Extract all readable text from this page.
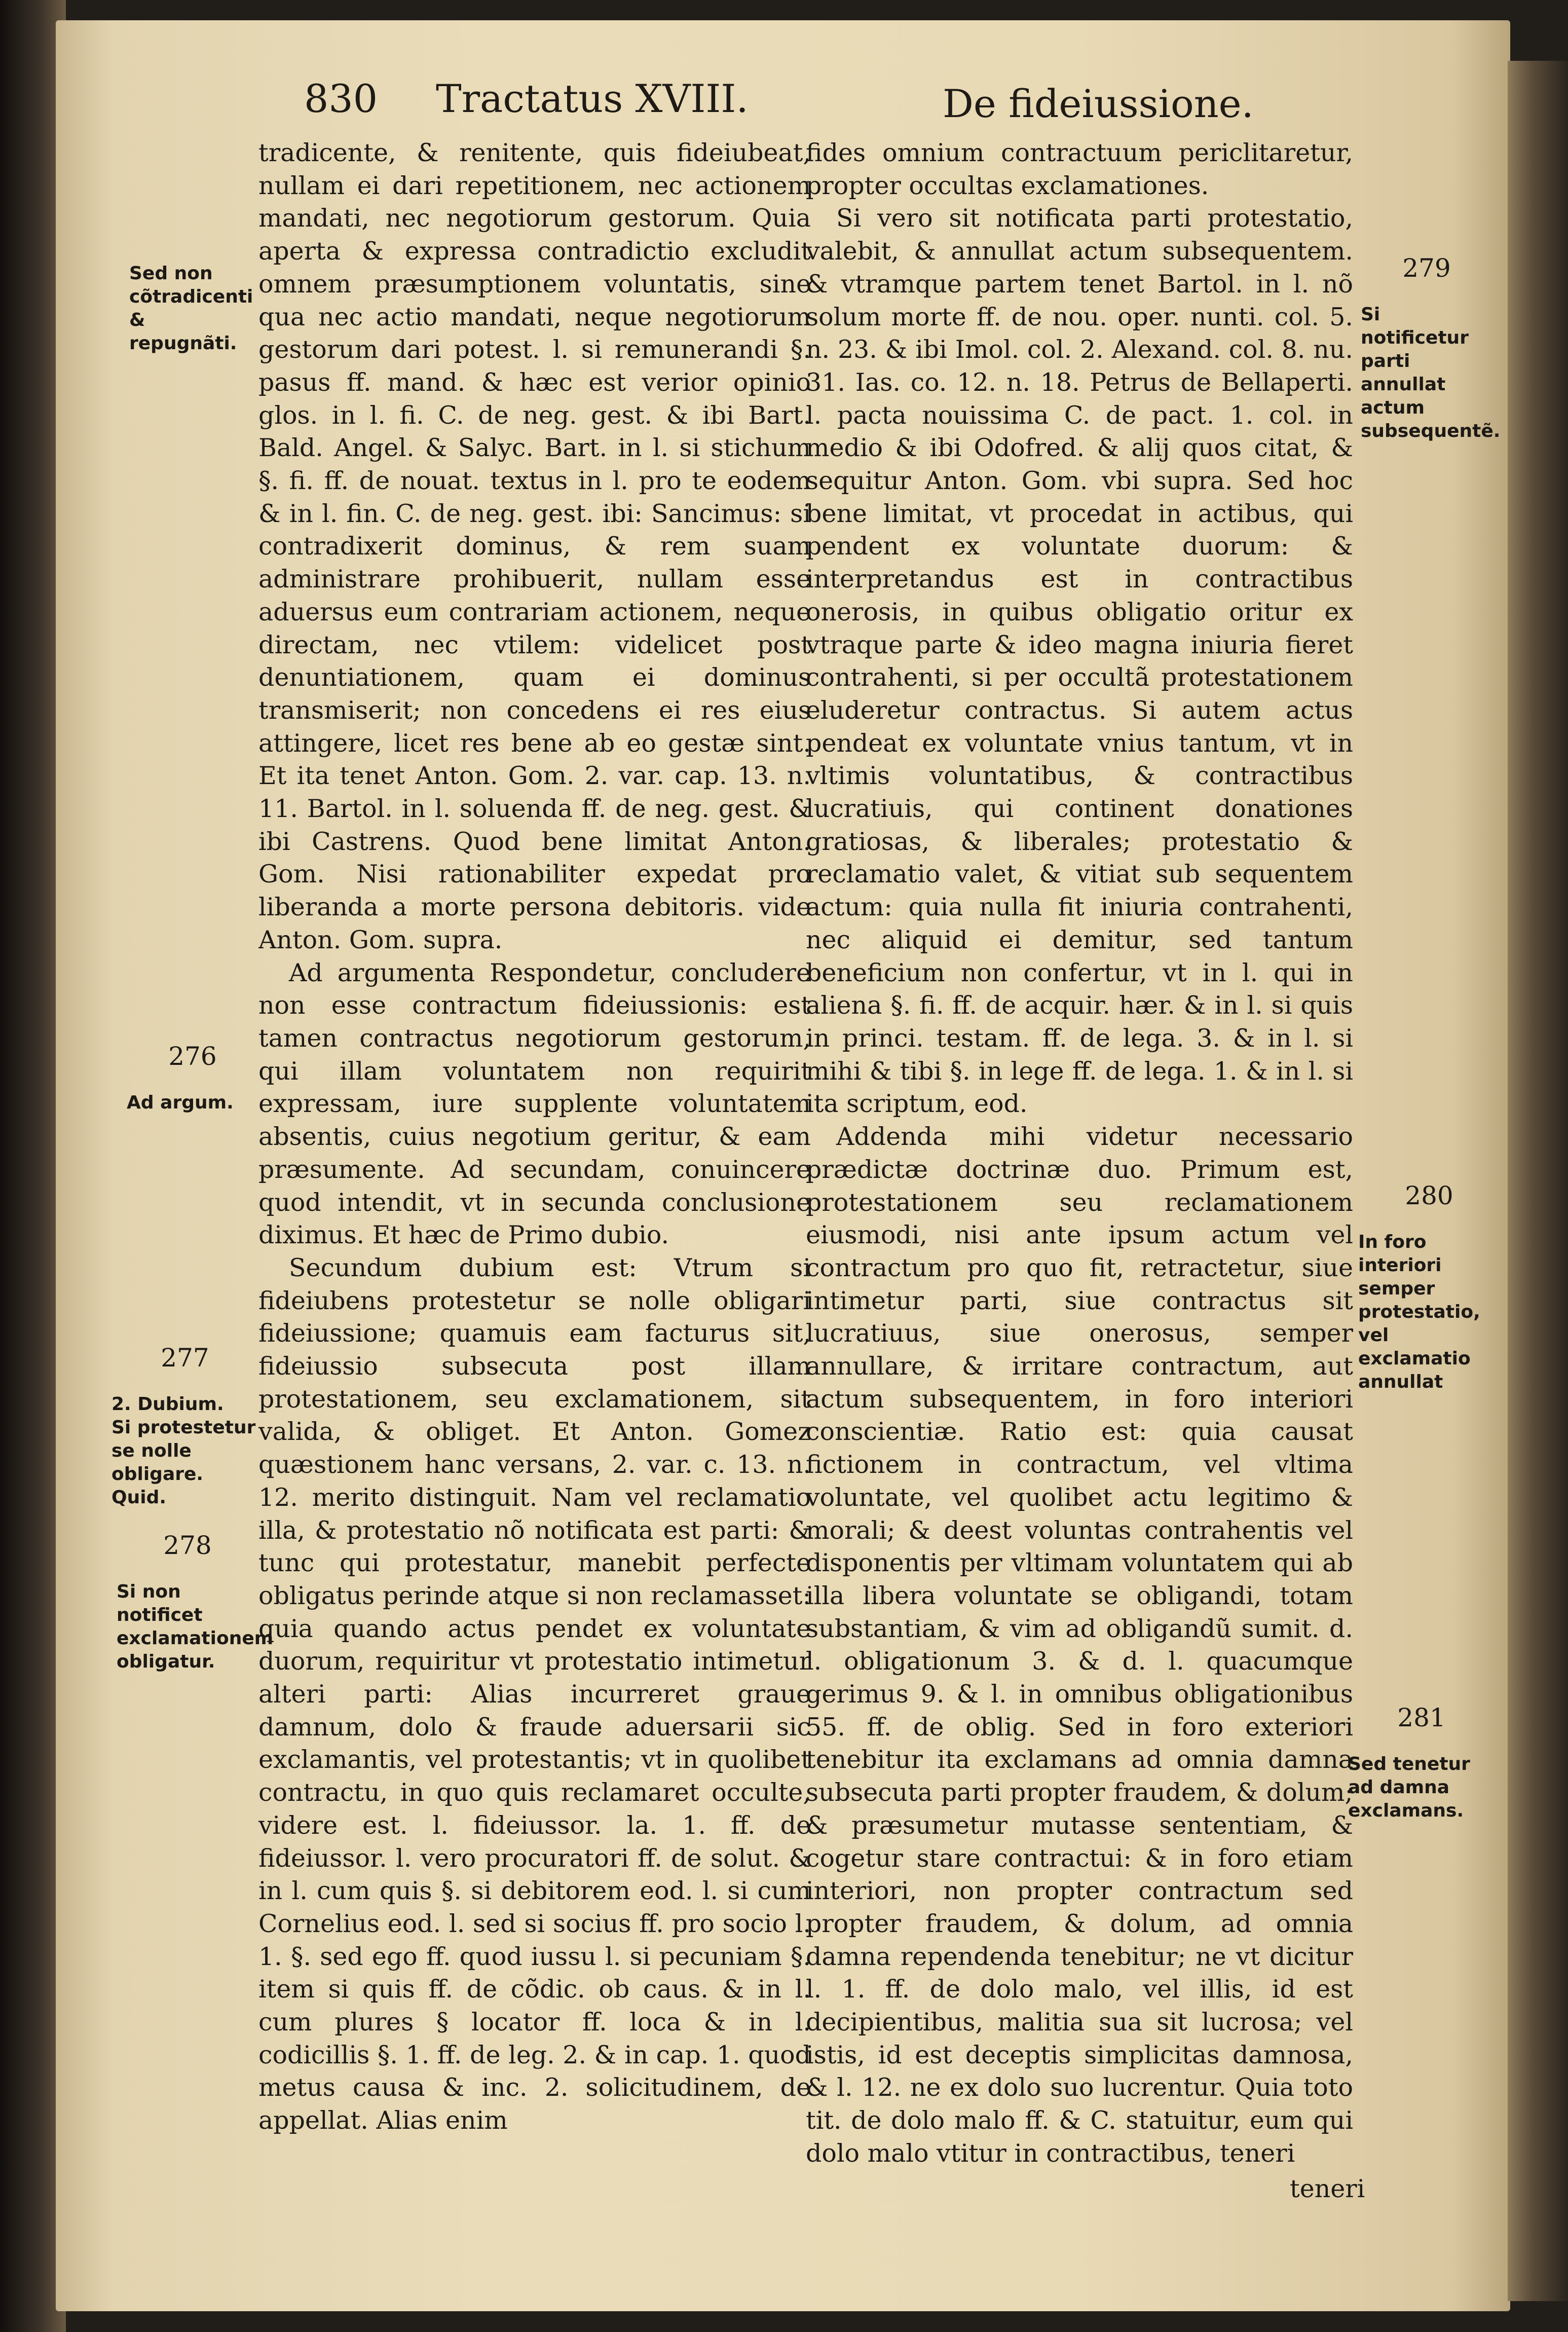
830 Tractatus XVIII.	De fideiussione.

Sed non cõtradicenti & repugnãti.

276

Ad argum.

277

2. Dubium.
Si protestetur se nolle obligare. Quid.

278

Si non notificet exclamationem obligatur.

tradicente, & renitente, quis fideiubeat, nullam ei dari repetitionem, nec actionem mandati, nec negotiorum gestorum. Quia aperta & expressa contradictio excludit omnem præsumptionem voluntatis, sine qua nec actio mandati, neque negotiorum gestorum dari potest. l. si remunerandi §. pasus ff. mand. & hæc est verior opinio glos. in l. fi. C. de neg. gest. & ibi Bart. Bald. Angel. & Salyc. Bart. in l. si stichum §. fi. ff. de nouat. textus in l. pro te eodem & in l. fin. C. de neg. gest. ibi: Sancimus: si contradixerit dominus, & rem suam administrare prohibuerit, nullam esse aduersus eum contrariam actionem, neque directam, nec vtilem: videlicet post denuntiationem, quam ei dominus transmiserit; non concedens ei res eius attingere, licet res bene ab eo gestæ sint. Et ita tenet Anton. Gom. 2. var. cap. 13. n. 11. Bartol. in l. soluenda ff. de neg. gest. & ibi Castrens. Quod bene limitat Anton. Gom. Nisi rationabiliter expedat pro liberanda a morte persona debitoris. vide Anton. Gom. supra.

Ad argumenta Respondetur, concludere non esse contractum fideiussionis: est tamen contractus negotiorum gestorum, qui illam voluntatem non requirit expressam, iure supplente voluntatem absentis, cuius negotium geritur, & eam præsumente. Ad secundam, conuincere quod intendit, vt in secunda conclusione diximus. Et hæc de Primo dubio.

Secundum dubium est: Vtrum si fideiubens protestetur se nolle obligari fideiussione; quamuis eam facturus sit, fideiussio subsecuta post illam protestationem, seu exclamationem, sit valida, & obliget. Et Anton. Gomez quæstionem hanc versans, 2. var. c. 13. n. 12. merito distinguit. Nam vel reclamatio illa, & protestatio nõ notificata est parti: & tunc qui protestatur, manebit perfecte obligatus perinde atque si non reclamasset: quia quando actus pendet ex voluntate duorum, requiritur vt protestatio intimetur alteri parti: Alias incurreret graue damnum, dolo & fraude aduersarii sic exclamantis, vel protestantis; vt in quolibet contractu, in quo quis reclamaret occulte, videre est. l. fideiussor. la. 1. ff. de fideiussor. l. vero procuratori ff. de solut. & in l. cum quis §. si debitorem eod. l. si cum Cornelius eod. l. sed si socius ff. pro socio l. 1. §. sed ego ff. quod iussu l. si pecuniam §. item si quis ff. de cõdic. ob caus. & in l. cum plures § locator ff. loca & in l. codicillis §. 1. ff. de leg. 2. & in cap. 1. quod metus causa & inc. 2. solicitudinem, de appellat. Alias enim

fides omnium contractuum periclitaretur, propter occultas exclamationes.

Si vero sit notificata parti protestatio, valebit, & annullat actum subsequentem. & vtramque partem tenet Bartol. in l. nõ solum morte ff. de nou. oper. nunti. col. 5. n. 23. & ibi Imol. col. 2. Alexand. col. 8. nu. 31. Ias. co. 12. n. 18. Petrus de Bellaperti. l. pacta nouissima C. de pact. 1. col. in medio & ibi Odofred. & alij quos citat, & sequitur Anton. Gom. vbi supra. Sed hoc bene limitat, vt procedat in actibus, qui pendent ex voluntate duorum: & interpretandus est in contractibus onerosis, in quibus obligatio oritur ex vtraque parte & ideo magna iniuria fieret contrahenti, si per occultã protestationem eluderetur contractus. Si autem actus pendeat ex voluntate vnius tantum, vt in vltimis voluntatibus, & contractibus lucratiuis, qui continent donationes gratiosas, & liberales; protestatio & reclamatio valet, & vitiat sub sequentem actum: quia nulla fit iniuria contrahenti, nec aliquid ei demitur, sed tantum beneficium non confertur, vt in l. qui in aliena §. fi. ff. de acquir. hær. & in l. si quis in princi. testam. ff. de lega. 3. & in l. si mihi & tibi §. in lege ff. de lega. 1. & in l. si ita scriptum, eod.

Addenda mihi videtur necessario prædictæ doctrinæ duo. Primum est, protestationem seu reclamationem eiusmodi, nisi ante ipsum actum vel contractum pro quo fit, retractetur, siue intimetur parti, siue contractus sit lucratiuus, siue onerosus, semper annullare, & irritare contractum, aut actum subsequentem, in foro interiori conscientiæ. Ratio est: quia causat fictionem in contractum, vel vltima voluntate, vel quolibet actu legitimo & morali; & deest voluntas contrahentis vel disponentis per vltimam voluntatem qui ab illa libera voluntate se obligandi, totam substantiam, & vim ad obligandũ sumit. d. l. obligationum 3. & d. l. quacumque gerimus 9. & l. in omnibus obligationibus 55. ff. de oblig. Sed in foro exteriori tenebitur ita exclamans ad omnia damna subsecuta parti propter fraudem, & dolum; & præsumetur mutasse sententiam, & cogetur stare contractui: & in foro etiam interiori, non propter contractum sed propter fraudem, & dolum, ad omnia damna rependenda tenebitur; ne vt dicitur l. 1. ff. de dolo malo, vel illis, id est decipientibus, malitia sua sit lucrosa; vel istis, id est deceptis simplicitas damnosa, & l. 12. ne ex dolo suo lucrentur. Quia toto tit. de dolo malo ff. & C. statuitur, eum qui dolo malo vtitur in contractibus, teneri

279

Si notificetur parti annullat actum subsequentẽ.

280

In foro interiori semper protestatio, vel exclamatio annullat

281

Sed tenetur ad damna exclamans.

teneri
